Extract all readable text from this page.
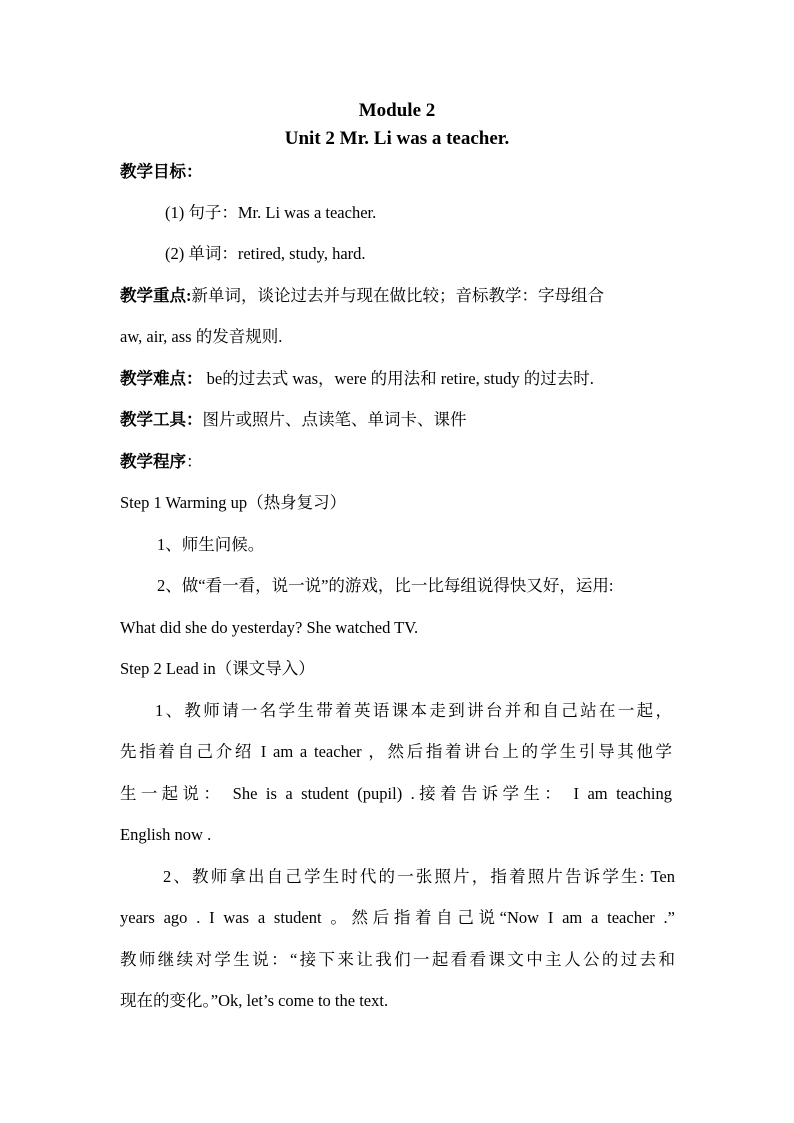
Module 2
Unit 2 Mr. Li was a teacher.
教学目标：
(1) 句子：Mr. Li was a teacher.
(2) 单词：retired, study, hard.
教学重点:新单词，谈论过去并与现在做比较；音标教学：字母组合
aw, air, ass 的发音规则.
教学难点： be的过去式 was，were 的用法和 retire, study 的过去时.
教学工具：图片或照片、点读笔、单词卡、课件
教学程序：
Step 1 Warming up（热身复习）
1、师生问候。
2、做“看一看，说一说”的游戏，比一比每组说得快又好，运用:
What did she do yesterday? She watched TV.
Step 2 Lead in（课文导入）
1、教师请一名学生带着英语课本走到讲台并和自己站在一起，
先指着自己介绍 I am a teacher ，然后指着讲台上的学生引导其他学
生一起说： She is a student (pupil) .接着告诉学生： I am teaching
English now .
2、教师拿出自己学生时代的一张照片，指着照片告诉学生: Ten
years ago . I was a student 。然后指着自己说“Now I am a teacher .”
教师继续对学生说：“接下来让我们一起看看课文中主人公的过去和
现在的变化。”Ok, let’s come to the text.
